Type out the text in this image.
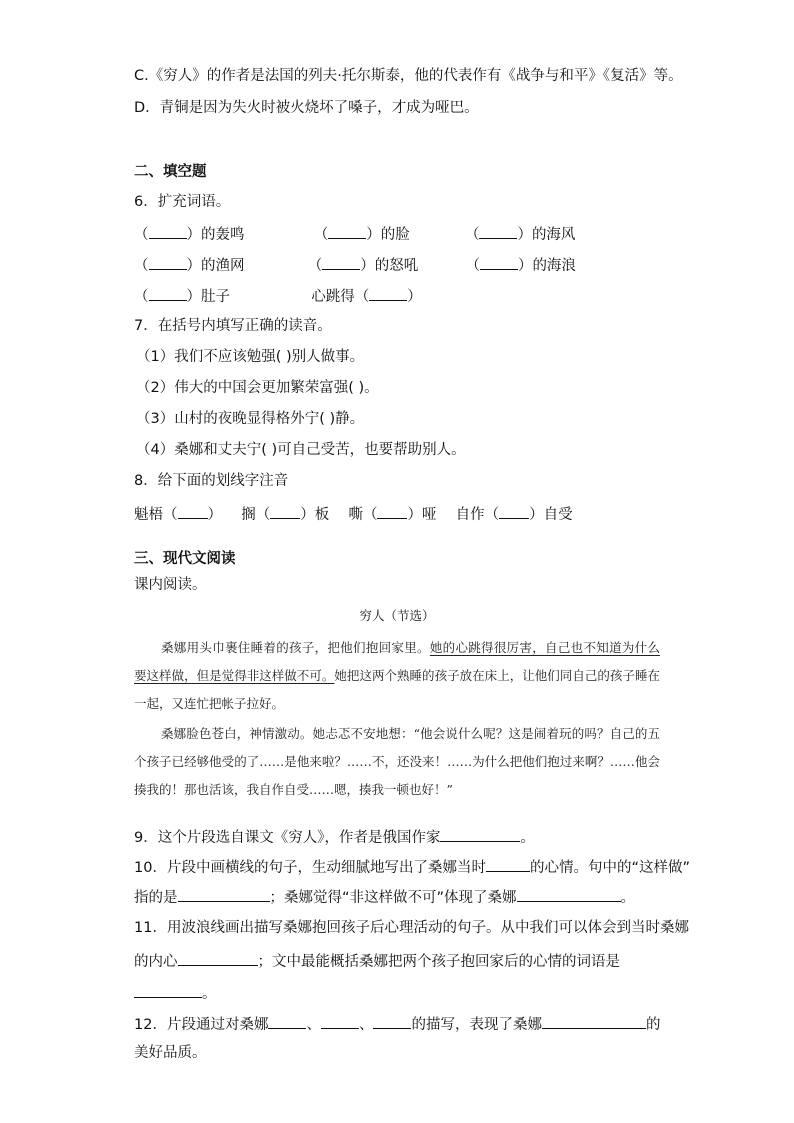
C.《穷人》的作者是法国的列夫·托尔斯泰，他的代表作有《战争与和平》《复活》等。
D．青铜是因为失火时被火烧坏了嗓子，才成为哑巴。
二、填空题
6．扩充词语。
（	）的轰鸣	（	）的脸	（	）的海风
（	）的渔网	（	）的怒吼	（	）的海浪
（	）肚子	心跳得（	）
7．在括号内填写正确的读音。
（1）我们不应该勉强( )别人做事。
（2）伟大的中国会更加繁荣富强( )。
（3）山村的夜晚显得格外宁( )静。
（4）桑娜和丈夫宁( )可自己受苦，也要帮助别人。
8．给下面的划线字注音
魁梧（ ）  搁（ ）板 嘶（ ）哑 自作（ ）自受
三、现代文阅读
课内阅读。
穷人（节选）

桑娜用头巾裹住睡着的孩子，把他们抱回家里。她的心跳得很厉害，自己也不知道为什么要这样做，但是觉得非这样做不可。她把这两个熟睡的孩子放在床上，让他们同自己的孩子睡在一起，又连忙把帐子拉好。

桑娜脸色苍白，神情激动。她忐忑不安地想：“他会说什么呢？这是闹着玩的吗？自己的五个孩子已经够他受的了……是他来啦？……不，还没来！……为什么把他们抱过来啊？……他会揍我的！那也活该，我自作自受……嗯，揍我一顿也好！”

9．这个片段选自课文《穷人》，作者是俄国作家	。
10．片段中画横线的句子，生动细腻地写出了桑娜当时	的心情。句中的“这样做”
指的是	；桑娜觉得“非这样做不可”体现了桑娜	。
11．用波浪线画出描写桑娜抱回孩子后心理活动的句子。从中我们可以体会到当时桑娜
的内心	；文中最能概括桑娜把两个孩子抱回家后的心情的词语是
。
12．片段通过对桑娜	、	、	的描写，表现了桑娜	的
美好品质。
